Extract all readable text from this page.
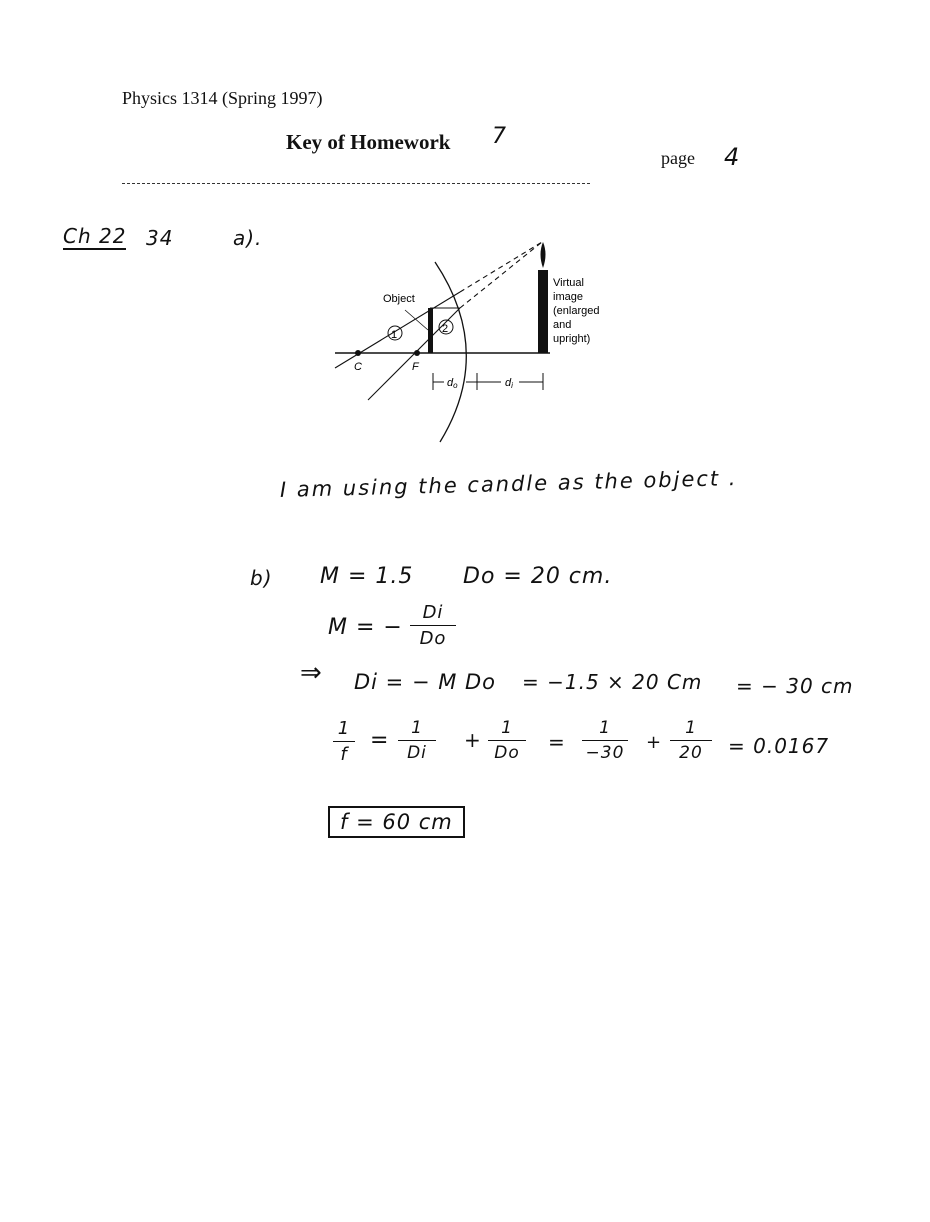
Physics 1314 (Spring 1997)
Key of Homework 7
page 4
Ch 22 34	a).
1	2
Object
C	F
do	di
Virtual
image
(enlarged
and
upright)
I am using the candle as the object .
b) M = 1.5 Do = 20 cm.
M = −
Di
Do
⇒ Di = − M Do = −1.5 × 20 Cm = − 30 cm
1
f
= 1
Di
+ 1
Do =
1
−30 +
1
20 = 0.0167
f = 60 cm
